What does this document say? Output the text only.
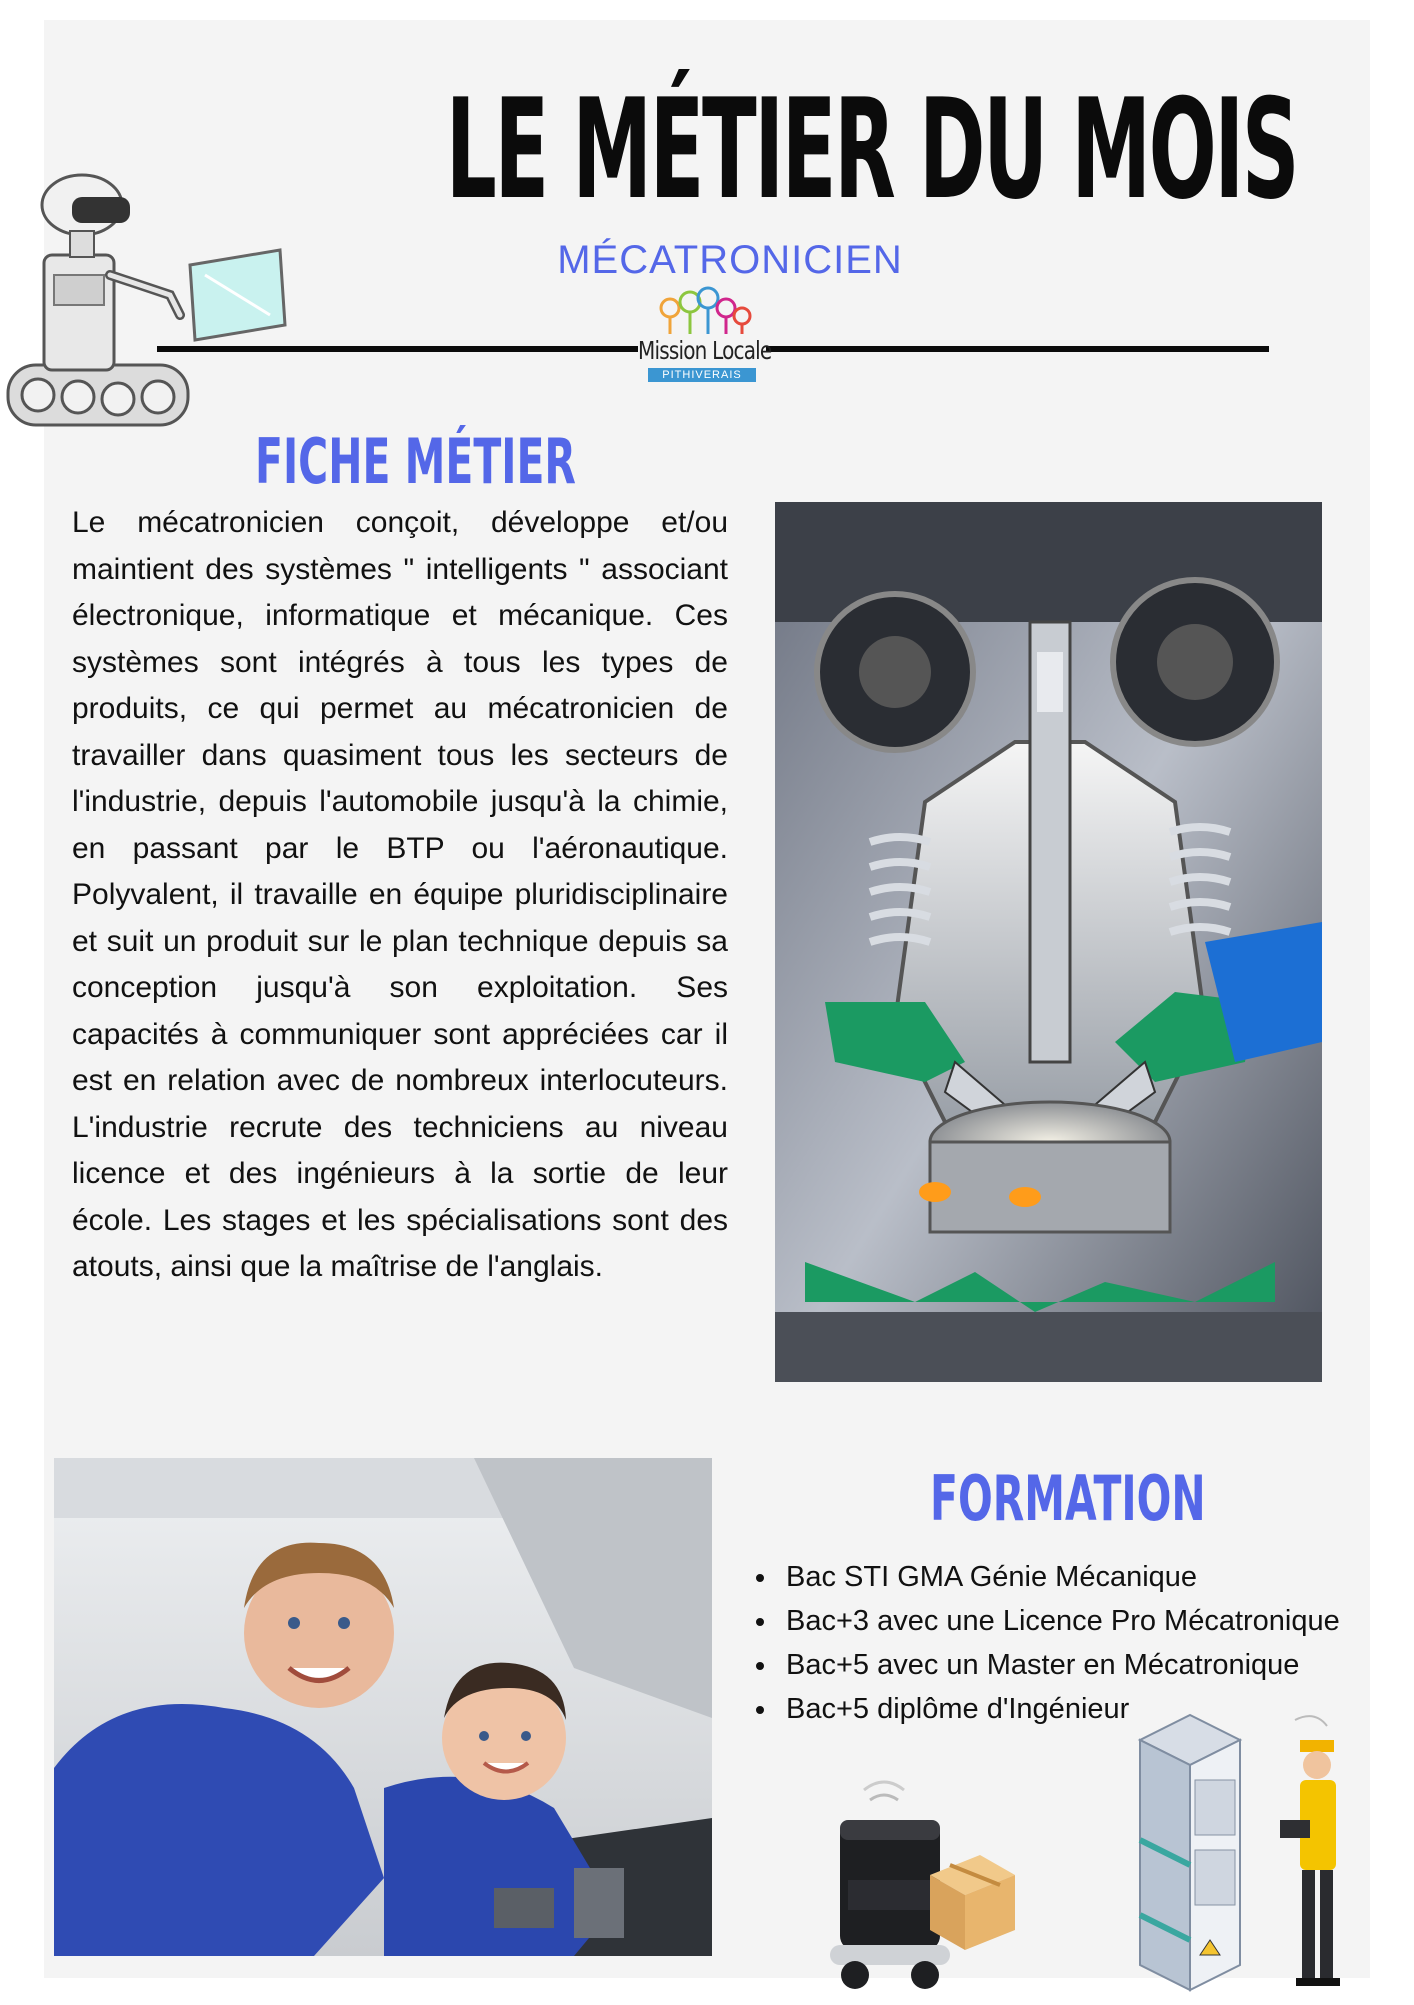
LE MÉTIER DU MOIS

MÉCATRONICIEN

Mission Locale
PITHIVERAIS
FICHE MÉTIER

Le mécatronicien conçoit, développe et/ou maintient des systèmes " intelligents " associant électronique, informatique et mécanique. Ces systèmes sont intégrés à tous les types de produits, ce qui permet au mécatronicien de travailler dans quasiment tous les secteurs de l'industrie, depuis l'automobile jusqu'à la chimie, en passant par le BTP ou l'aéronautique. Polyvalent, il travaille en équipe pluridisciplinaire et suit un produit sur le plan technique depuis sa conception jusqu'à son exploitation. Ses capacités à communiquer sont appréciées car il est en relation avec de nombreux interlocuteurs. L'industrie recrute des techniciens au niveau licence et des ingénieurs à la sortie de leur école. Les stages et les spécialisations sont des atouts, ainsi que la maîtrise de l'anglais.

FORMATION
Bac STI GMA Génie Mécanique
Bac+3 avec une Licence Pro Mécatronique
Bac+5 avec un Master en Mécatronique
Bac+5 diplôme d'Ingénieur
